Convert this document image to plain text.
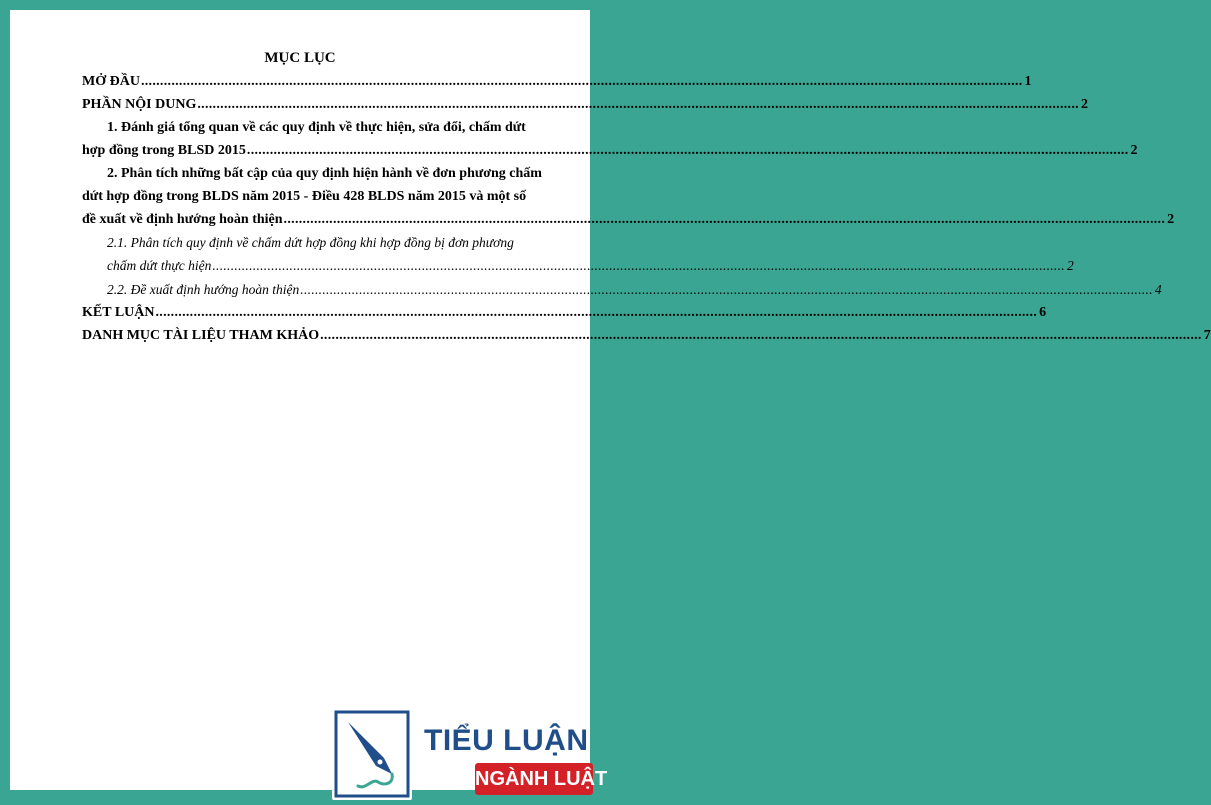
MỤC LỤC
MỞ ĐẦU .....	1
PHẦN NỘI DUNG .....	2
1. Đánh giá tổng quan về các quy định về thực hiện, sửa đổi, chấm dứt
hợp đồng trong BLSD 2015 .....	2
2. Phân tích những bất cập của quy định hiện hành về đơn phương chấm
dứt hợp đồng trong BLDS năm 2015 - Điều 428 BLDS năm 2015 và một số
đề xuất về định hướng hoàn thiện .....	2
2.1. Phân tích quy định về chấm dứt hợp đồng khi hợp đồng bị đơn phương
chấm dứt thực hiện .....	2
2.2. Đề xuất định hướng hoàn thiện .....	4
KẾT LUẬN .....	6
DANH MỤC TÀI LIỆU THAM KHẢO .....	7
TIỂU LUẬN
NGÀNH LUẬT
